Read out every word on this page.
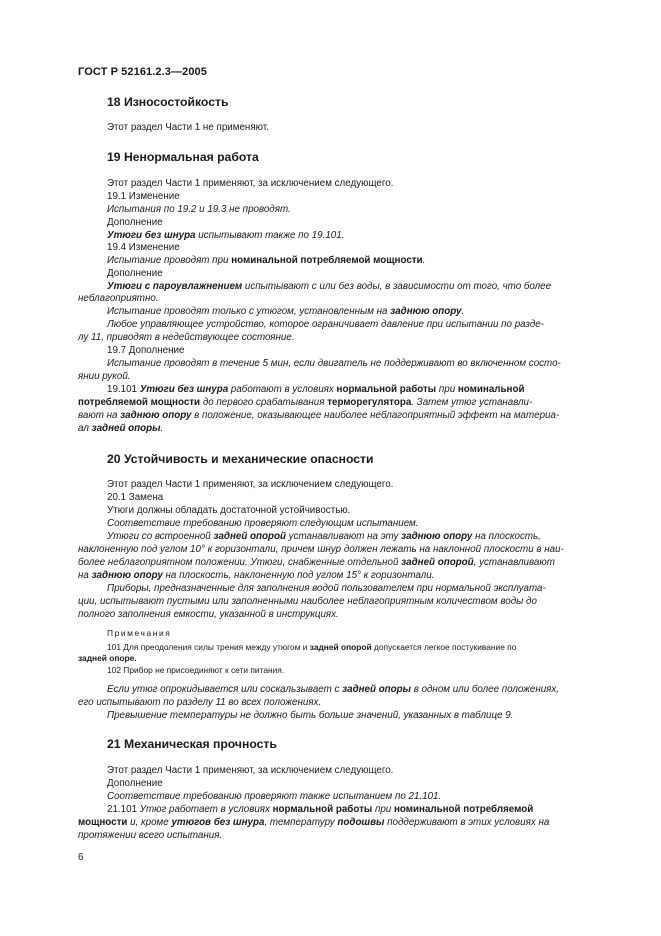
ГОСТ Р 52161.2.3—2005
18 Износостойкость
Этот раздел Части 1 не применяют.
19 Ненормальная работа
Этот раздел Части 1 применяют, за исключением следующего.
19.1 Изменение
Испытания по 19.2 и 19.3 не проводят.
Дополнение
Утюги без шнура испытывают также по 19.101.
19.4 Изменение
Испытание проводят при номинальной потребляемой мощности.
Дополнение
Утюги с пароувлажнением испытывают с или без воды, в зависимости от того, что более
неблагоприятно.
Испытание проводят только с утюгом, установленным на заднюю опору.
Любое управляющее устройство, которое ограничивает давление при испытании по разде-
лу 11, приводят в недействующее состояние.
19.7 Дополнение
Испытание проводят в течение 5 мин, если двигатель не поддерживают во включенном состо-
янии рукой.
19.101 Утюги без шнура работают в условиях нормальной работы при номинальной
потребляемой мощности до первого срабатывания терморегулятора. Затем утюг устанавли-
вают на заднюю опору в положение, оказывающее наиболее неблагоприятный эффект на материа-
ал задней опоры.
20 Устойчивость и механические опасности
Этот раздел Части 1 применяют, за исключением следующего.
20.1 Замена
Утюги должны обладать достаточной устойчивостью.
Соответствие требованию проверяют следующим испытанием.
Утюги со встроенной задней опорой устанавливают на эту заднюю опору на плоскость,
наклоненную под углом 10° к горизонтали, причем шнур должен лежать на наклонной плоскости в наи-
более неблагоприятном положении. Утюги, снабженные отдельной задней опорой, устанавливают
на заднюю опору на плоскость, наклоненную под углом 15° к горизонтали.
Приборы, предназначенные для заполнения водой пользователем при нормальной эксплуата-
ции, испытывают пустыми или заполненными наиболее неблагоприятным количеством воды до
полного заполнения емкости, указанной в инструкциях.
Примечания
101 Для преодоления силы трения между утюгом и задней опорой допускается легкое постукивание по
задней опоре.
102 Прибор не присоединяют к сети питания.
Если утюг опрокидывается или соскальзывает с задней опоры в одном или более положениях,
его испытывают по разделу 11 во всех положениях.
Превышение температуры не должно быть больше значений, указанных в таблице 9.
21 Механическая прочность
Этот раздел Части 1 применяют, за исключением следующего.
Дополнение
Соответствие требованию проверяют также испытанием по 21.101.
21.101 Утюг работает в условиях нормальной работы при номинальной потребляемой
мощности и, кроме утюгов без шнура, температуру подошвы поддерживают в этих условиях на
протяжении всего испытания.
6
